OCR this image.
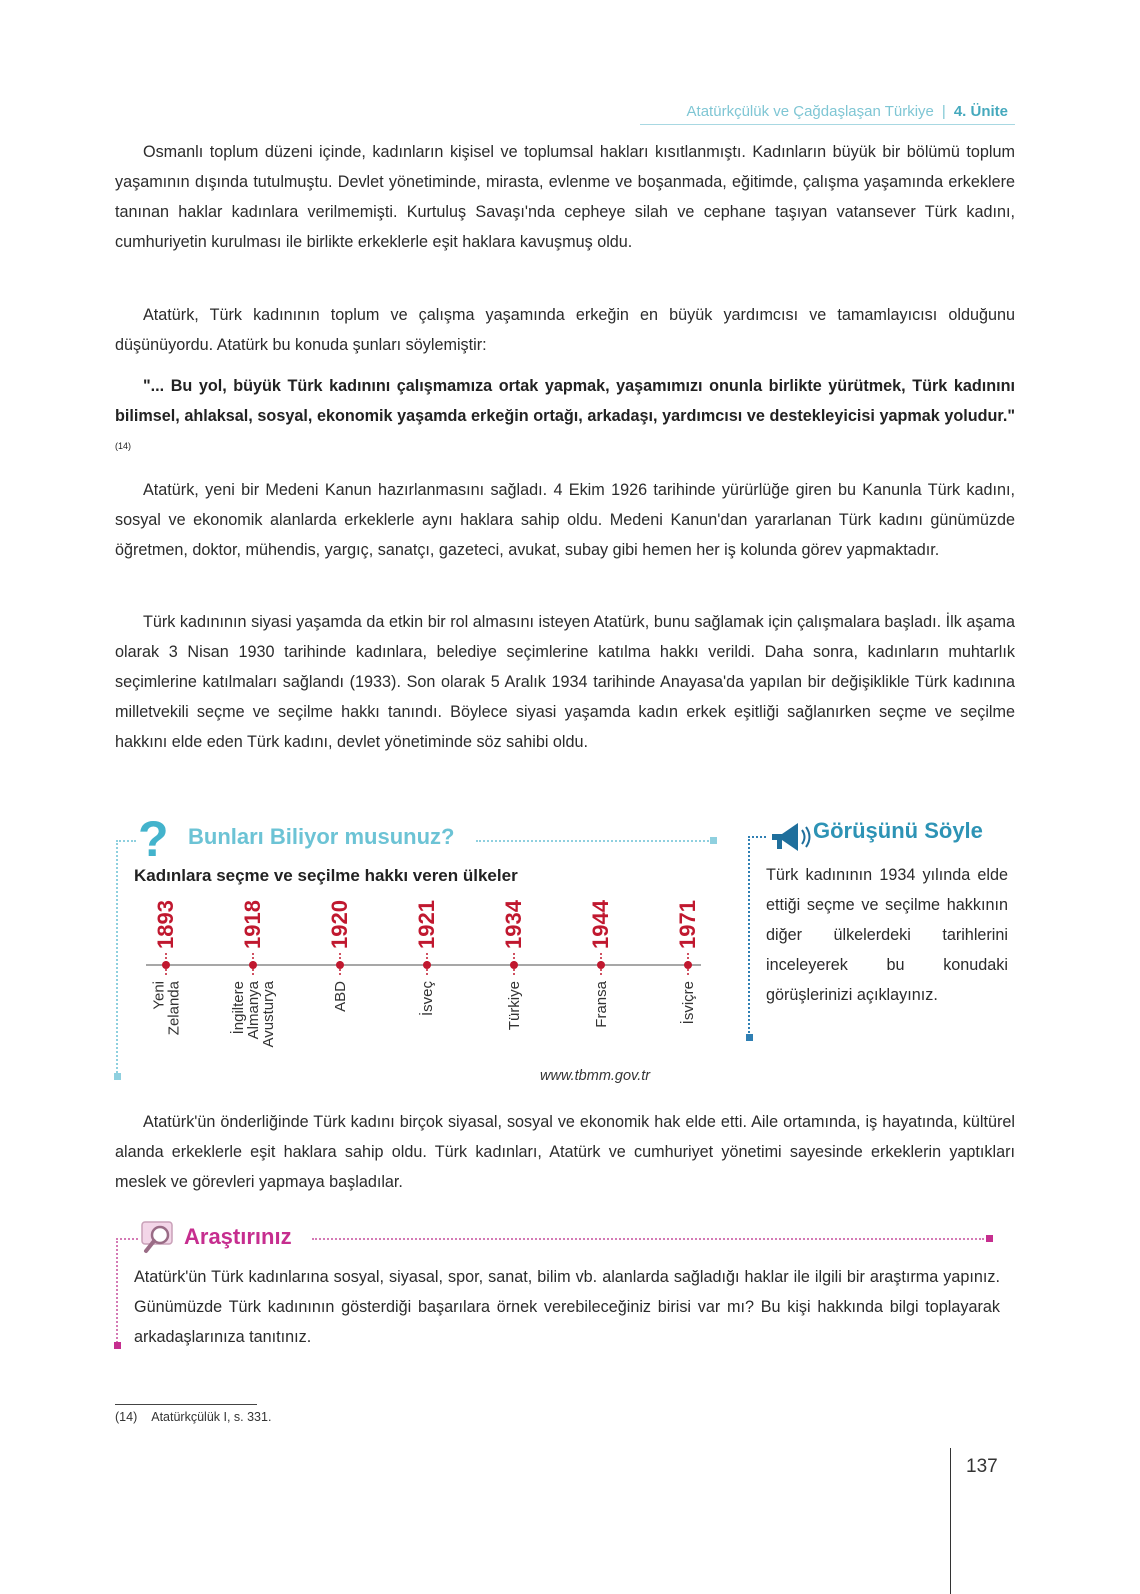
Atatürkçülük ve Çağdaşlaşan Türkiye | 4. Ünite

Osmanlı toplum düzeni içinde, kadınların kişisel ve toplumsal hakları kısıtlanmıştı. Kadınların büyük bir bölümü toplum yaşamının dışında tutulmuştu. Devlet yönetiminde, mirasta, evlenme ve boşanmada, eğitimde, çalışma yaşamında erkeklere tanınan haklar kadınlara verilmemişti. Kurtuluş Savaşı'nda cepheye silah ve cephane taşıyan vatansever Türk kadını, cumhuriyetin kurulması ile birlikte erkeklerle eşit haklara kavuşmuş oldu.

Atatürk, Türk kadınının toplum ve çalışma yaşamında erkeğin en büyük yardımcısı ve tamamlayıcısı olduğunu düşünüyordu. Atatürk bu konuda şunları söylemiştir:

"... Bu yol, büyük Türk kadınını çalışmamıza ortak yapmak, yaşamımızı onunla birlikte yürütmek, Türk kadınını bilimsel, ahlaksal, sosyal, ekonomik yaşamda erkeğin ortağı, arkadaşı, yardımcısı ve destekleyicisi yapmak yoludur."$^{(14)}$

Atatürk, yeni bir Medeni Kanun hazırlanmasını sağladı. 4 Ekim 1926 tarihinde yürürlüğe giren bu Kanunla Türk kadını, sosyal ve ekonomik alanlarda erkeklerle aynı haklara sahip oldu. Medeni Kanun'dan yararlanan Türk kadını günümüzde öğretmen, doktor, mühendis, yargıç, sanatçı, gazeteci, avukat, subay gibi hemen her iş kolunda görev yapmaktadır.

Türk kadınının siyasi yaşamda da etkin bir rol almasını isteyen Atatürk, bunu sağlamak için çalışmalara başladı. İlk aşama olarak 3 Nisan 1930 tarihinde kadınlara, belediye seçimlerine katılma hakkı verildi. Daha sonra, kadınların muhtarlık seçimlerine katılmaları sağlandı (1933). Son olarak 5 Aralık 1934 tarihinde Anayasa'da yapılan bir değişiklikle Türk kadınına milletvekili seçme ve seçilme hakkı tanındı. Böylece siyasi yaşamda kadın erkek eşitliği sağlanırken seçme ve seçilme hakkını elde eden Türk kadını, devlet yönetiminde söz sahibi oldu.

? Bunları Biliyor musunuz?
Kadınlara seçme ve seçilme hakkı veren ülkeler
1893
Yeni
Zelanda
1918
İngiltere
Almanya
Avusturya
1920
ABD
1921
İsveç
1934
Türkiye
1944
Fransa
1971
İsviçre
www.tbmm.gov.tr
Görüşünü Söyle

Türk kadınının 1934 yılında elde ettiği seçme ve seçilme hakkının diğer ülkelerdeki tarihlerini inceleyerek bu konudaki görüşlerinizi açıklayınız.

Atatürk'ün önderliğinde Türk kadını birçok siyasal, sosyal ve ekonomik hak elde etti. Aile ortamında, iş hayatında, kültürel alanda erkeklerle eşit haklara sahip oldu. Türk kadınları, Atatürk ve cumhuriyet yönetimi sayesinde erkeklerin yaptıkları meslek ve görevleri yapmaya başladılar.

Araştırınız

Atatürk'ün Türk kadınlarına sosyal, siyasal, spor, sanat, bilim vb. alanlarda sağladığı haklar ile ilgili bir araştırma yapınız. Günümüzde Türk kadınının gösterdiği başarılara örnek verebileceğiniz birisi var mı? Bu kişi hakkında bilgi toplayarak arkadaşlarınıza tanıtınız.

(14) Atatürkçülük I, s. 331.
137
